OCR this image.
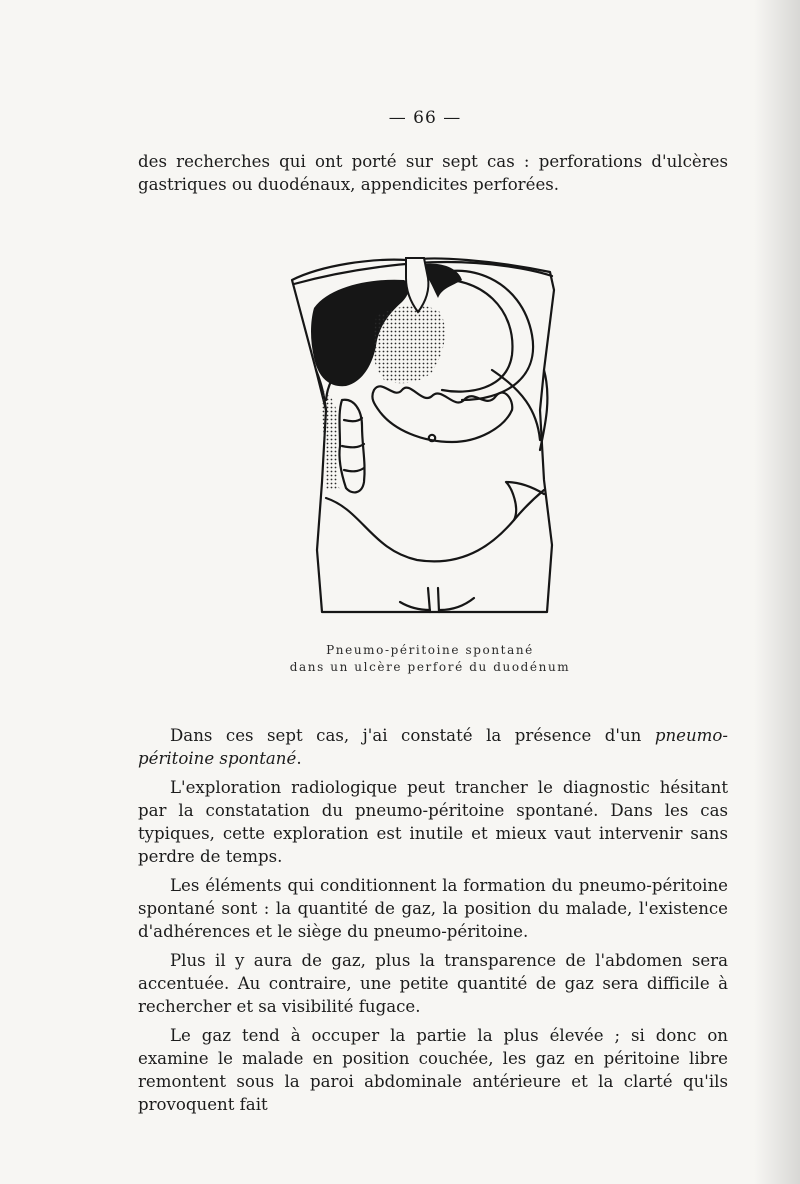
— 66 —

des recherches qui ont porté sur sept cas : perforations d'ulcères gastriques ou duodénaux, appendicites perforées.

Pneumo-péritoine spontané
dans un ulcère perforé du duodénum

Dans ces sept cas, j'ai constaté la présence d'un pneumo-péritoine spontané.

L'exploration radiologique peut trancher le diagnostic hésitant par la constatation du pneumo-péritoine spontané. Dans les cas typiques, cette exploration est inutile et mieux vaut intervenir sans perdre de temps.

Les éléments qui conditionnent la formation du pneumo-péritoine spontané sont : la quantité de gaz, la position du malade, l'existence d'adhérences et le siège du pneumo-péritoine.

Plus il y aura de gaz, plus la transparence de l'abdomen sera accentuée. Au contraire, une petite quantité de gaz sera difficile à rechercher et sa visibilité fugace.

Le gaz tend à occuper la partie la plus élevée ; si donc on examine le malade en position couchée, les gaz en péritoine libre remontent sous la paroi abdominale antérieure et la clarté qu'ils provoquent fait
